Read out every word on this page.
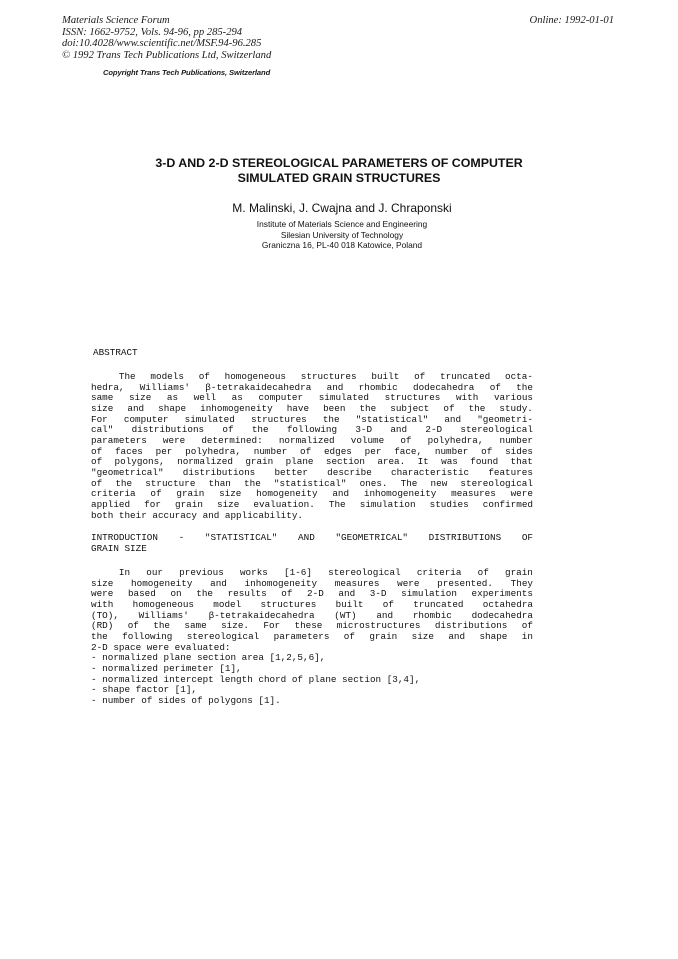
Materials Science Forum
ISSN: 1662-9752, Vols. 94-96, pp 285-294
doi:10.4028/www.scientific.net/MSF.94-96.285
© 1992 Trans Tech Publications Ltd, Switzerland
Online: 1992-01-01
Copyright Trans Tech Publications, Switzerland
3-D AND 2-D STEREOLOGICAL PARAMETERS OF COMPUTER
SIMULATED GRAIN STRUCTURES
M. Malinski, J. Cwajna and J. Chraponski
Institute of Materials Science and Engineering
Silesian University of Technology
Graniczna 16, PL-40 018 Katowice, Poland
ABSTRACT
The models of homogeneous structures built of truncated octa-
hedra, Williams' β-tetrakaidecahedra and rhombic dodecahedra of the
same size as well as computer simulated structures with various
size and shape inhomogeneity have been the subject of the study.
For computer simulated structures the "statistical" and "geometri-
cal" distributions of the following 3-D and 2-D stereological
parameters were determined: normalized volume of polyhedra, number
of faces per polyhedra, number of edges per face, number of sides
of polygons, normalized grain plane section area. It was found that
"geometrical" distributions better describe characteristic features
of the structure than the "statistical" ones. The new stereological
criteria of grain size homogeneity and inhomogeneity measures were
applied for grain size evaluation. The simulation studies confirmed
both their accuracy and applicability.
INTRODUCTION - "STATISTICAL" AND "GEOMETRICAL" DISTRIBUTIONS OF
GRAIN SIZE
In our previous works [1-6] stereological criteria of grain
size homogeneity and inhomogeneity measures were presented. They
were based on the results of 2-D and 3-D simulation experiments
with homogeneous model structures built of truncated octahedra
(TO), Williams' β-tetrakaidecahedra (WT) and rhombic dodecahedra
(RD) of the same size. For these microstructures distributions of
the following stereological parameters of grain size and shape in
2-D space were evaluated:
- normalized plane section area [1,2,5,6],
- normalized perimeter [1],
- normalized intercept length chord of plane section [3,4],
- shape factor [1],
- number of sides of polygons [1].
